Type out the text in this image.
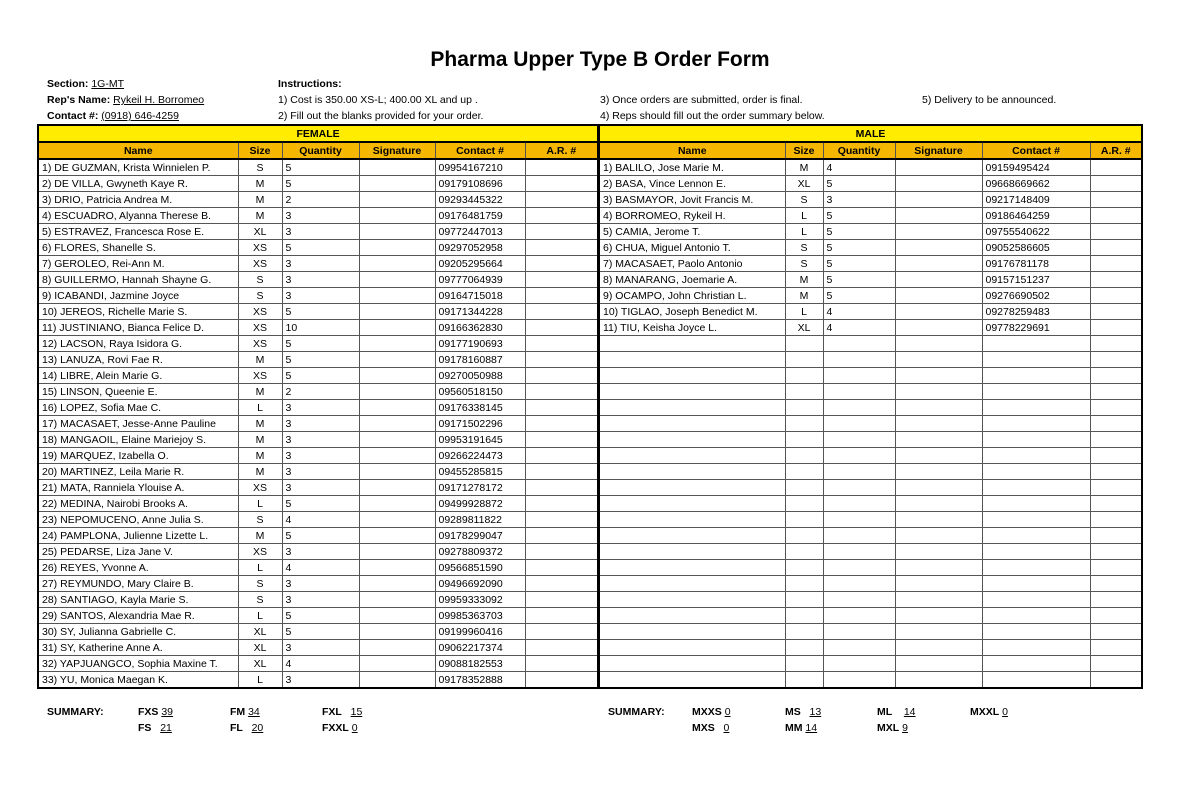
Pharma Upper Type B Order Form
Section: 1G-MT
Rep's Name: Rykeil H. Borromeo
Contact #: (0918) 646-4259
Instructions:
1) Cost is 350.00 XS-L; 400.00 XL and up .
2) Fill out the blanks provided for your order.
3) Once orders are submitted, order is final.
4) Reps should fill out the order summary below.
5) Delivery to be announced.
FEMALE					
Name	Size	Quantity	Signature	Contact #	A.R. #
1) DE GUZMAN, Krista Winnielen P.	S	5		09954167210	
2) DE VILLA, Gwyneth Kaye R.	M	5		09179108696	
3) DRIO, Patricia Andrea M.	M	2		09293445322	
4) ESCUADRO, Alyanna Therese B.	M	3		09176481759	
5) ESTRAVEZ, Francesca Rose E.	XL	3		09772447013	
6) FLORES, Shanelle S.	XS	5		09297052958	
7) GEROLEO, Rei-Ann M.	XS	3		09205295664	
8) GUILLERMO, Hannah Shayne G.	S	3		09777064939	
9) ICABANDI, Jazmine Joyce	S	3		09164715018	
10) JEREOS, Richelle Marie S.	XS	5		09171344228	
11) JUSTINIANO, Bianca Felice D.	XS	10		09166362830	
12) LACSON, Raya Isidora G.	XS	5		09177190693	
13) LANUZA, Rovi Fae R.	M	5		09178160887	
14) LIBRE, Alein Marie G.	XS	5		09270050988	
15) LINSON, Queenie E.	M	2		09560518150	
16) LOPEZ, Sofia Mae C.	L	3		09176338145	
17) MACASAET, Jesse-Anne Pauline	M	3		09171502296	
18) MANGAOIL, Elaine Mariejoy S.	M	3		09953191645	
19) MARQUEZ, Izabella O.	M	3		09266224473	
20) MARTINEZ, Leila Marie R.	M	3		09455285815	
21) MATA, Ranniela Ylouise A.	XS	3		09171278172	
22) MEDINA, Nairobi Brooks A.	L	5		09499928872	
23) NEPOMUCENO, Anne Julia S.	S	4		09289811822	
24) PAMPLONA, Julienne Lizette L.	M	5		09178299047	
25) PEDARSE, Liza Jane V.	XS	3		09278809372	
26) REYES, Yvonne A.	L	4		09566851590	
27) REYMUNDO, Mary Claire B.	S	3		09496692090	
28) SANTIAGO, Kayla Marie S.	S	3		09959333092	
29) SANTOS, Alexandria Mae R.	L	5		09985363703	
30) SY, Julianna Gabrielle C.	XL	5		09199960416	
31) SY, Katherine Anne A.	XL	3		09062217374	
32) YAPJUANGCO, Sophia Maxine T.	XL	4		09088182553	
33) YU, Monica Maegan K.	L	3		09178352888	
MALE					
Name	Size	Quantity	Signature	Contact #	A.R. #
1) BALILO, Jose Marie M.	M	4		09159495424	
2) BASA, Vince Lennon E.	XL	5		09668669662	
3) BASMAYOR, Jovit Francis M.	S	3		09217148409	
4) BORROMEO, Rykeil H.	L	5		09186464259	
5) CAMIA, Jerome T.	L	5		09755540622	
6) CHUA, Miguel Antonio T.	S	5		09052586605	
7) MACASAET, Paolo Antonio	S	5		09176781178	
8) MANARANG, Joemarie A.	M	5		09157151237	
9) OCAMPO, John Christian L.	M	5		09276690502	
10) TIGLAO, Joseph Benedict M.	L	4		09278259483	
11) TIU, Keisha Joyce L.	XL	4		09778229691	

SUMMARY:	FXS 39	FM 34	FXL 15
FS 21	FL 20	FXXL 0
SUMMARY:	MXXS 0	MS 13	ML 14	MXXL 0
MXS 0	MM 14	MXL 9
